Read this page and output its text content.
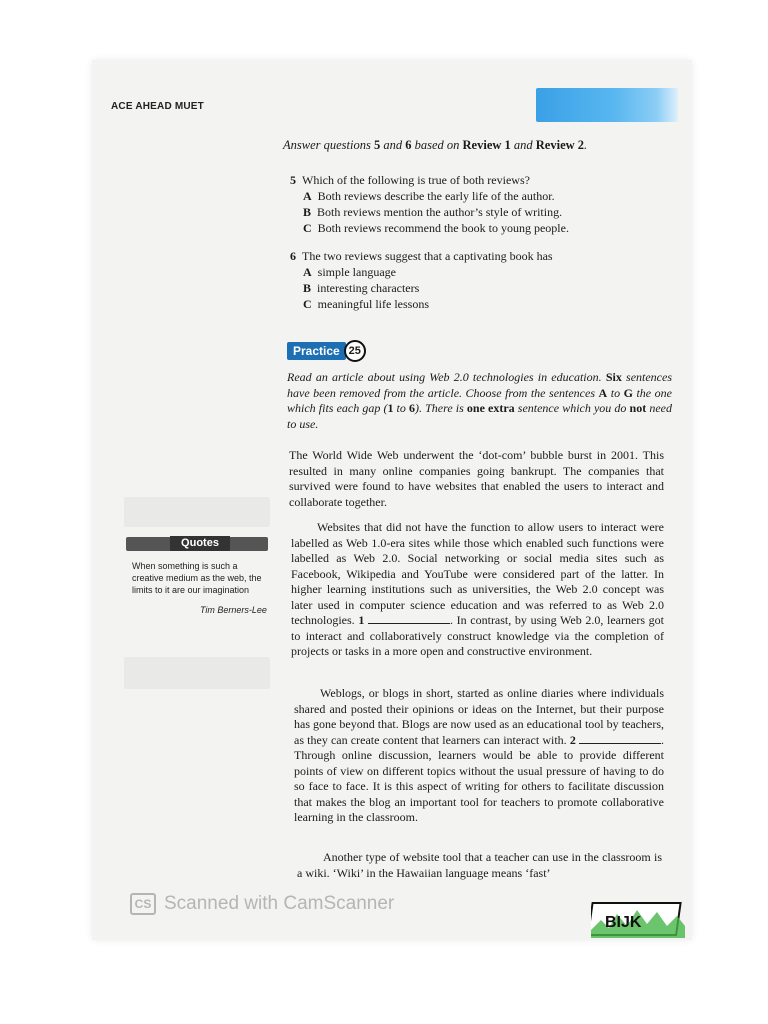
ACE AHEAD MUET
Answer questions 5 and 6 based on Review 1 and Review 2.
5 Which of the following is true of both reviews?
A Both reviews describe the early life of the author.
B Both reviews mention the author’s style of writing.
C Both reviews recommend the book to young people.
6 The two reviews suggest that a captivating book has
A simple language
B interesting characters
C meaningful life lessons
Practice 25
Read an article about using Web 2.0 technologies in education. Six sentences have been removed from the article. Choose from the sentences A to G the one which fits each gap (1 to 6). There is one extra sentence which you do not need to use.
The World Wide Web underwent the ‘dot-com’ bubble burst in 2001. This resulted in many online companies going bankrupt. The companies that survived were found to have websites that enabled the users to interact and collaborate together.
Websites that did not have the function to allow users to interact were labelled as Web 1.0-era sites while those which enabled such functions were labelled as Web 2.0. Social networking or social media sites such as Facebook, Wikipedia and YouTube were considered part of the latter. In higher learning institutions such as universities, the Web 2.0 concept was later used in computer science education and was referred to as Web 2.0 technologies. 1	. In contrast, by using Web 2.0, learners got to interact and collaboratively construct knowledge via the completion of projects or tasks in a more open and constructive environment.
Weblogs, or blogs in short, started as online diaries where individuals shared and posted their opinions or ideas on the Internet, but their purpose has gone beyond that. Blogs are now used as an educational tool by teachers, as they can create content that learners can interact with. 2	. Through online discussion, learners would be able to provide different points of view on different topics without the usual pressure of having to do so face to face. It is this aspect of writing for others to facilitate discussion that makes the blog an important tool for teachers to promote collaborative learning in the classroom.
Another type of website tool that a teacher can use in the classroom is a wiki. ‘Wiki’ in the Hawaiian language means ‘fast’
Quotes
When something is such a creative medium as the web, the limits to it are our imagination
Tim Berners-Lee
CS Scanned with CamScanner
BIJK
